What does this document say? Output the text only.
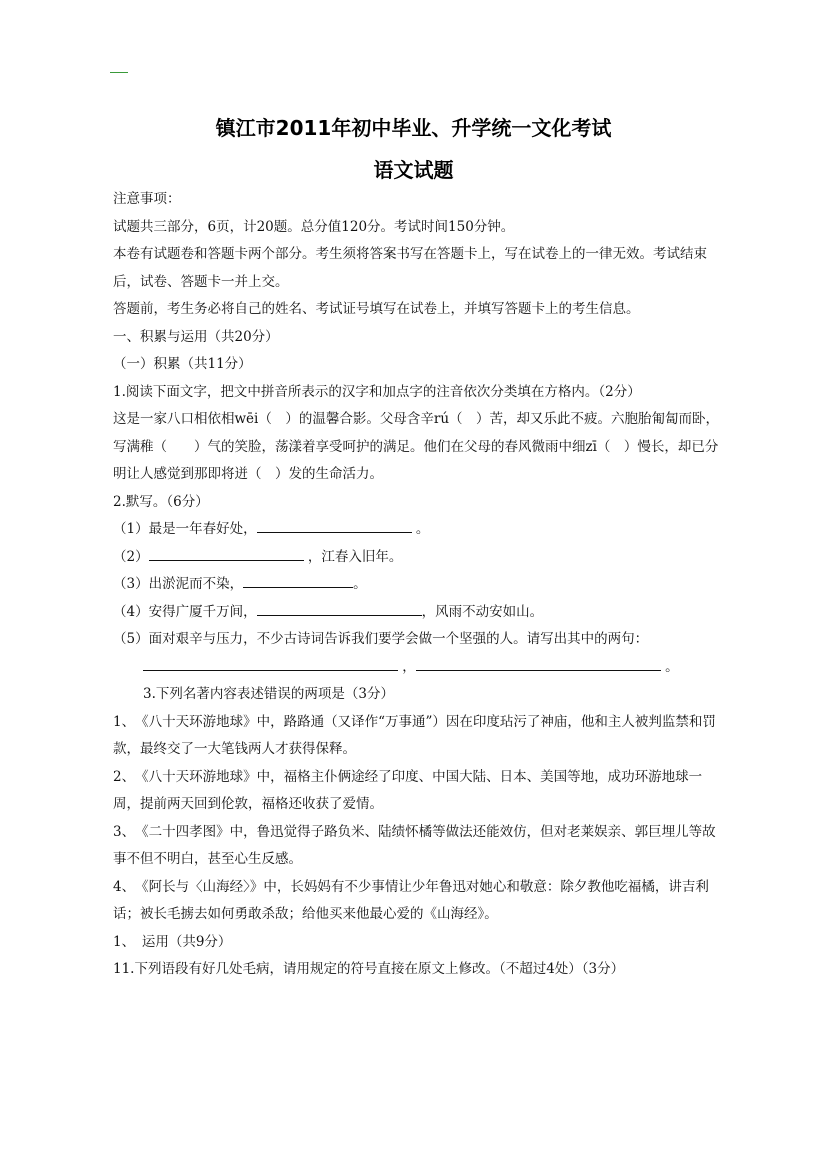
镇江市2011年初中毕业、升学统一文化考试
语文试题

注意事项：

试题共三部分，6页，计20题。总分值120分。考试时间150分钟。

本卷有试题卷和答题卡两个部分。考生须将答案书写在答题卡上，写在试卷上的一律无效。考试结束后，试卷、答题卡一并上交。

答题前，考生务必将自己的姓名、考试证号填写在试卷上，并填写答题卡上的考生信息。

一、积累与运用（共20分）

（一）积累（共11分）

1.阅读下面文字，把文中拼音所表示的汉字和加点字的注音依次分类填在方格内。（2分）

这是一家八口相依相wēi（　）的温馨合影。父母含辛rú（　）苦，却又乐此不疲。六胞胎匍匐而卧，写满稚（　　）气的笑脸，荡漾着享受呵护的满足。他们在父母的春风微雨中细zī（　）慢长，却已分明让人感觉到那即将迸（　）发的生命活力。

2.默写。（6分）

（1）最是一年春好处，	。

（2）	，江春入旧年。

（3）出淤泥而不染，	。

（4）安得广厦千万间，	，风雨不动安如山。

（5）面对艰辛与压力，不少古诗词告诉我们要学会做一个坚强的人。请写出其中的两句：

，	。

3.下列名著内容表述错误的两项是（3分）

1、　《八十天环游地球》中，路路通（又译作“万事通”）因在印度玷污了神庙，他和主人被判监禁和罚款，最终交了一大笔钱两人才获得保释。

2、　《八十天环游地球》中，福格主仆俩途经了印度、中国大陆、日本、美国等地，成功环游地球一周，提前两天回到伦敦，福格还收获了爱情。

3、　《二十四孝图》中，鲁迅觉得子路负米、陆绩怀橘等做法还能效仿，但对老莱娱亲、郭巨埋儿等故事不但不明白，甚至心生反感。

4、　《阿长与〈山海经〉》中，长妈妈有不少事情让少年鲁迅对她心和敬意：除夕教他吃福橘，讲吉利话；被长毛掳去如何勇敢杀敌；给他买来他最心爱的《山海经》。

1、　运用（共9分）

11.下列语段有好几处毛病，请用规定的符号直接在原文上修改。（不超过4处）（3分）
